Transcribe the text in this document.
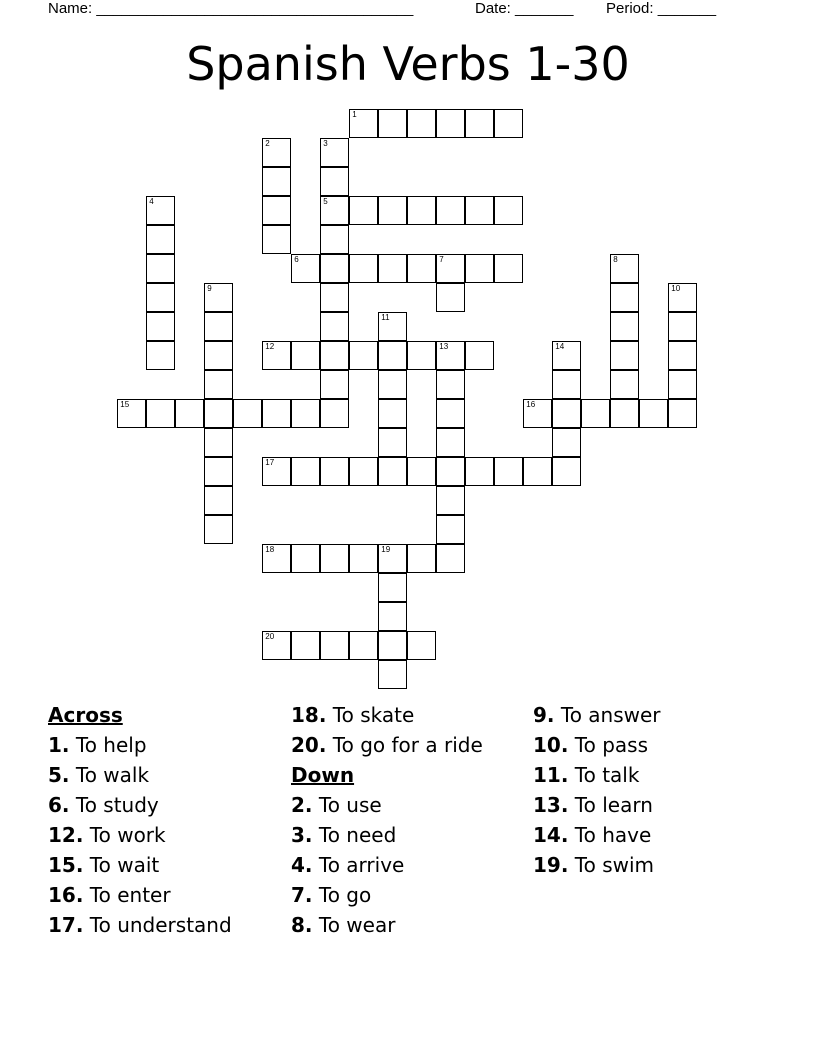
Name: ______________________________________	Date: _______ Period: _______
Spanish Verbs 1-30
1
2	3
5
4
6	7	8
9	10
11
12	13	14
15	16
17
18	19
20
Across
1. To help
5. To walk
6. To study
12. To work
15. To wait
16. To enter
17. To understand
18. To skate
20. To go for a ride
Down
2. To use
3. To need
4. To arrive
7. To go
8. To wear
9. To answer
10. To pass
11. To talk
13. To learn
14. To have
19. To swim
